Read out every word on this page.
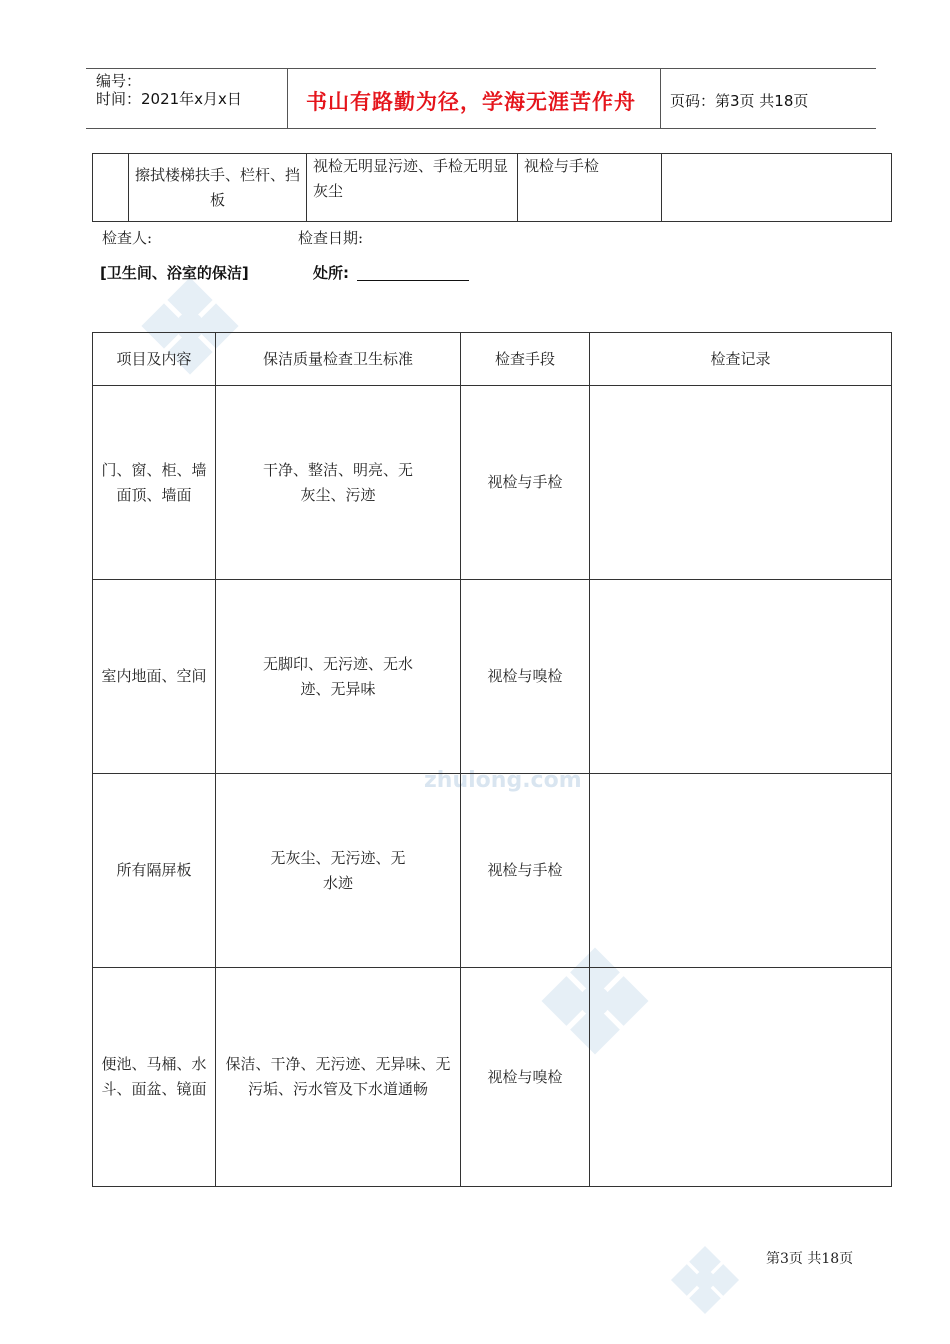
编号：
时间：2021年x月x日	书山有路勤为径，学海无涯苦作舟 页码：第3页 共18页
	擦拭楼梯扶手、栏杆、挡板	视检无明显污迹、手检无明显灰尘	视检与手检	
检查人:	检查日期:
[卫生间、浴室的保洁]	处所:
zhulong.com
项目及内容	保洁质量检查卫生标准	检查手段	检查记录
门、窗、柜、墙面顶、墙面	干净、整洁、明亮、无灰尘、污迹	视检与手检	
室内地面、空间	无脚印、无污迹、无水迹、无异味	视检与嗅检	
所有隔屏板	无灰尘、无污迹、无水迹	视检与手检	
便池、马桶、水斗、面盆、镜面	保洁、干净、无污迹、无异味、无污垢、污水管及下水道通畅	视检与嗅检	
第3页 共18页
